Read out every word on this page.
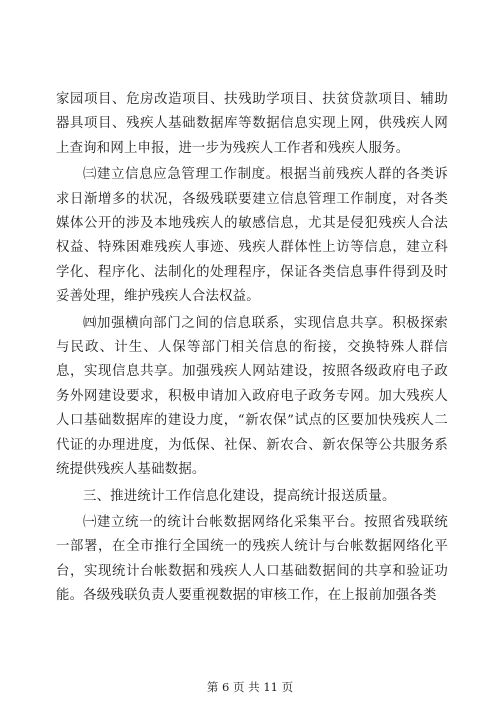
家园项目、危房改造项目、扶残助学项目、扶贫贷款项目、辅助器具项目、残疾人基础数据库等数据信息实现上网，供残疾人网上查询和网上申报，进一步为残疾人工作者和残疾人服务。

㈢建立信息应急管理工作制度。根据当前残疾人群的各类诉求日渐增多的状况，各级残联要建立信息管理工作制度，对各类媒体公开的涉及本地残疾人的敏感信息，尤其是侵犯残疾人合法权益、特殊困难残疾人事迹、残疾人群体性上访等信息，建立科学化、程序化、法制化的处理程序，保证各类信息事件得到及时妥善处理，维护残疾人合法权益。

㈣加强横向部门之间的信息联系，实现信息共享。积极探索与民政、计生、人保等部门相关信息的衔接，交换特殊人群信息，实现信息共享。加强残疾人网站建设，按照各级政府电子政务外网建设要求，积极申请加入政府电子政务专网。加大残疾人人口基础数据库的建设力度，“新农保”试点的区要加快残疾人二代证的办理进度，为低保、社保、新农合、新农保等公共服务系统提供残疾人基础数据。

三、推进统计工作信息化建设，提高统计报送质量。

㈠建立统一的统计台帐数据网络化采集平台。按照省残联统一部署，在全市推行全国统一的残疾人统计与台帐数据网络化平台，实现统计台帐数据和残疾人人口基础数据间的共享和验证功能。各级残联负责人要重视数据的审核工作，在上报前加强各类

第 6 页 共 11 页
